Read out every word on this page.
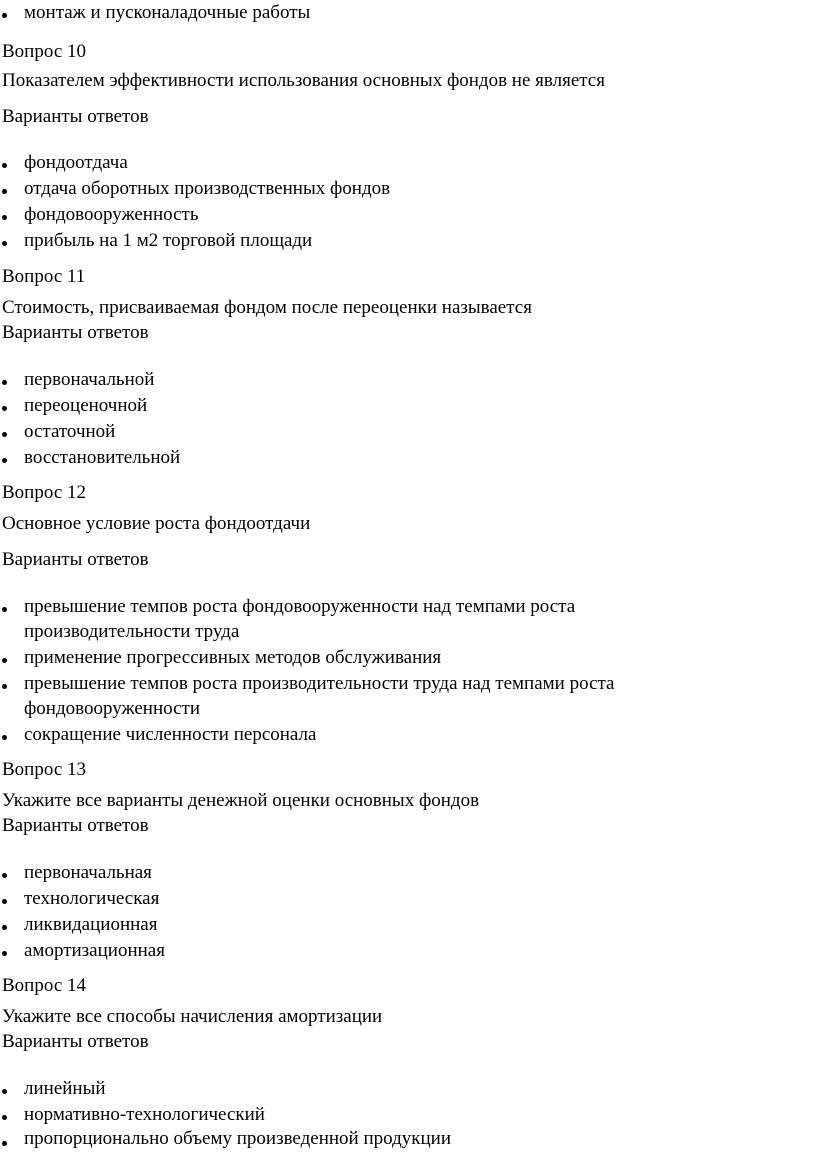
монтаж и пусконаладочные работы
Вопрос 10
Показателем эффективности использования основных фондов не является
Варианты ответов
фондоотдача
отдача оборотных производственных фондов
фондовооруженность
прибыль на 1 м2 торговой площади
Вопрос 11
Стоимость, присваиваемая фондом после переоценки называется
Варианты ответов
первоначальной
переоценочной
остаточной
восстановительной
Вопрос 12
Основное условие роста фондоотдачи
Варианты ответов
превышение темпов роста фондовооруженности над темпами роста
производительности труда
применение прогрессивных методов обслуживания
превышение темпов роста производительности труда над темпами роста
фондовооруженности
сокращение численности персонала
Вопрос 13
Укажите все варианты денежной оценки основных фондов
Варианты ответов
первоначальная
технологическая
ликвидационная
амортизационная
Вопрос 14
Укажите все способы начисления амортизации
Варианты ответов
линейный
нормативно-технологический
пропорционально объему произведенной продукции
